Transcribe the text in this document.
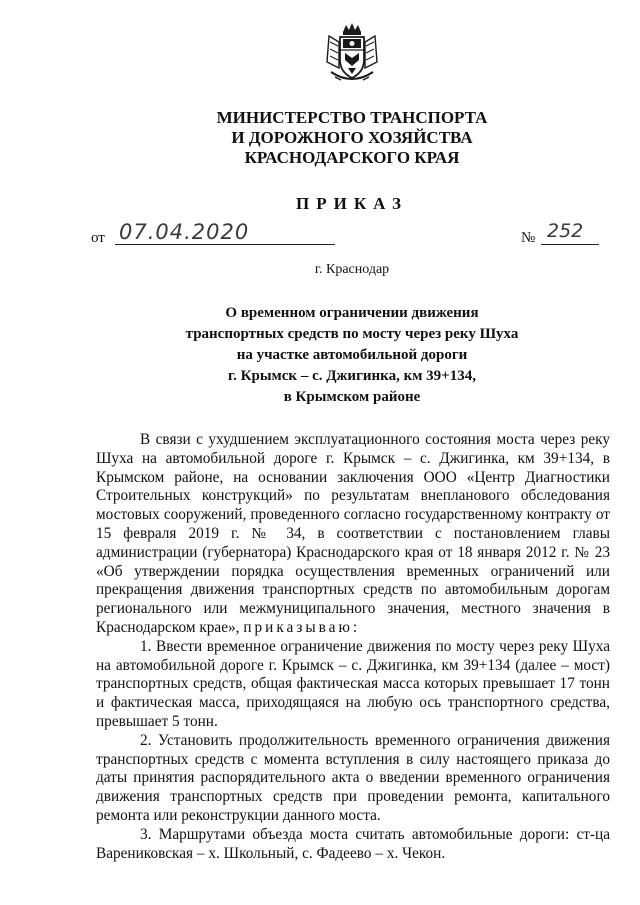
МИНИСТЕРСТВО ТРАНСПОРТА
И ДОРОЖНОГО ХОЗЯЙСТВА
КРАСНОДАРСКОГО КРАЯ
ПРИКАЗ
от 07.04.2020	№ 252
г. Краснодар
О временном ограничении движения
транспортных средств по мосту через реку Шуха
на участке автомобильной дороги
г. Крымск – с. Джигинка, км 39+134,
в Крымском районе

В связи с ухудшением эксплуатационного состояния моста через реку Шуха на автомобильной дороге г. Крымск – с. Джигинка, км 39+134, в Крымском районе, на основании заключения ООО «Центр Диагностики Строительных конструкций» по результатам внепланового обследования мостовых сооружений, проведенного согласно государственному контракту от 15 февраля 2019 г. № 34, в соответствии с постановлением главы администрации (губернатора) Краснодарского края от 18 января 2012 г. № 23 «Об утверждении порядка осуществления временных ограничений или прекращения движения транспортных средств по автомобильным дорогам регионального или межмуниципального значения, местного значения в Краснодарском крае», приказываю:

1. Ввести временное ограничение движения по мосту через реку Шуха на автомобильной дороге г. Крымск – с. Джигинка, км 39+134 (далее – мост) транспортных средств, общая фактическая масса которых превышает 17 тонн и фактическая масса, приходящаяся на любую ось транспортного средства, превышает 5 тонн.

2. Установить продолжительность временного ограничения движения транспортных средств с момента вступления в силу настоящего приказа до даты принятия распорядительного акта о введении временного ограничения движения транспортных средств при проведении ремонта, капитального ремонта или реконструкции данного моста.

3. Маршрутами объезда моста считать автомобильные дороги: ст-ца Варениковская – х. Школьный, с. Фадеево – х. Чекон.
